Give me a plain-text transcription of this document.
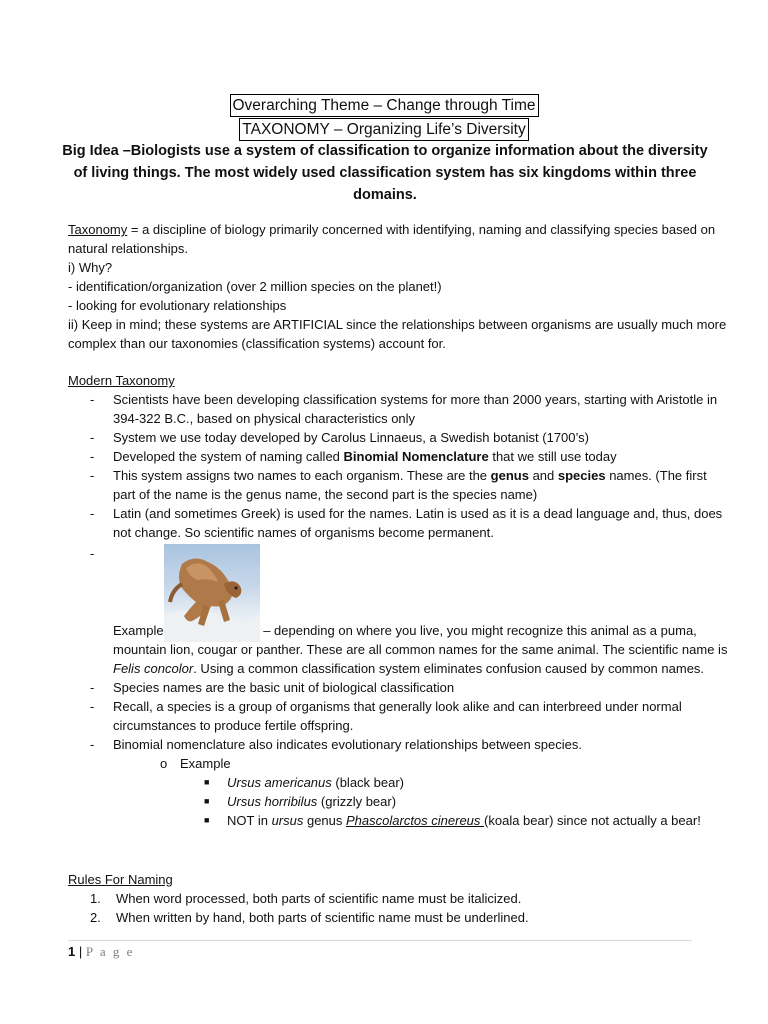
Overarching Theme – Change through Time
TAXONOMY – Organizing Life’s Diversity
Big Idea –Biologists use a system of classification to organize information about the diversity of living things. The most widely used classification system has six kingdoms within three domains.

Taxonomy = a discipline of biology primarily concerned with identifying, naming and classifying species based on natural relationships.

i) Why?

- identification/organization (over 2 million species on the planet!)

- looking for evolutionary relationships

ii) Keep in mind; these systems are ARTIFICIAL since the relationships between organisms are usually much more complex than our taxonomies (classification systems) account for.

Modern Taxonomy

- Scientists have been developing classification systems for more than 2000 years, starting with Aristotle in 394-322 B.C., based on physical characteristics only

- System we use today developed by Carolus Linnaeus, a Swedish botanist (1700’s)

- Developed the system of naming called Binomial Nomenclature that we still use today

- This system assigns two names to each organism. These are the genus and species names. (The first part of the name is the genus name, the second part is the species name)

- Latin (and sometimes Greek) is used for the names. Latin is used as it is a dead language and, thus, does not change. So scientific names of organisms become permanent.

- Example	– depending on where you live, you might recognize this animal as a puma, mountain lion, cougar or panther. These are all common names for the same animal. The scientific name is Felis concolor. Using a common classification system eliminates confusion caused by common names.

- Species names are the basic unit of biological classification

- Recall, a species is a group of organisms that generally look alike and can interbreed under normal circumstances to produce fertile offspring.

- Binomial nomenclature also indicates evolutionary relationships between species.

o Example

■ Ursus americanus (black bear)

■ Ursus horribilus (grizzly bear)

■ NOT in ursus genus Phascolarctos cinereus (koala bear) since not actually a bear!

Rules For Naming

1. When word processed, both parts of scientific name must be italicized.

2. When written by hand, both parts of scientific name must be underlined.

1 | P a g e
